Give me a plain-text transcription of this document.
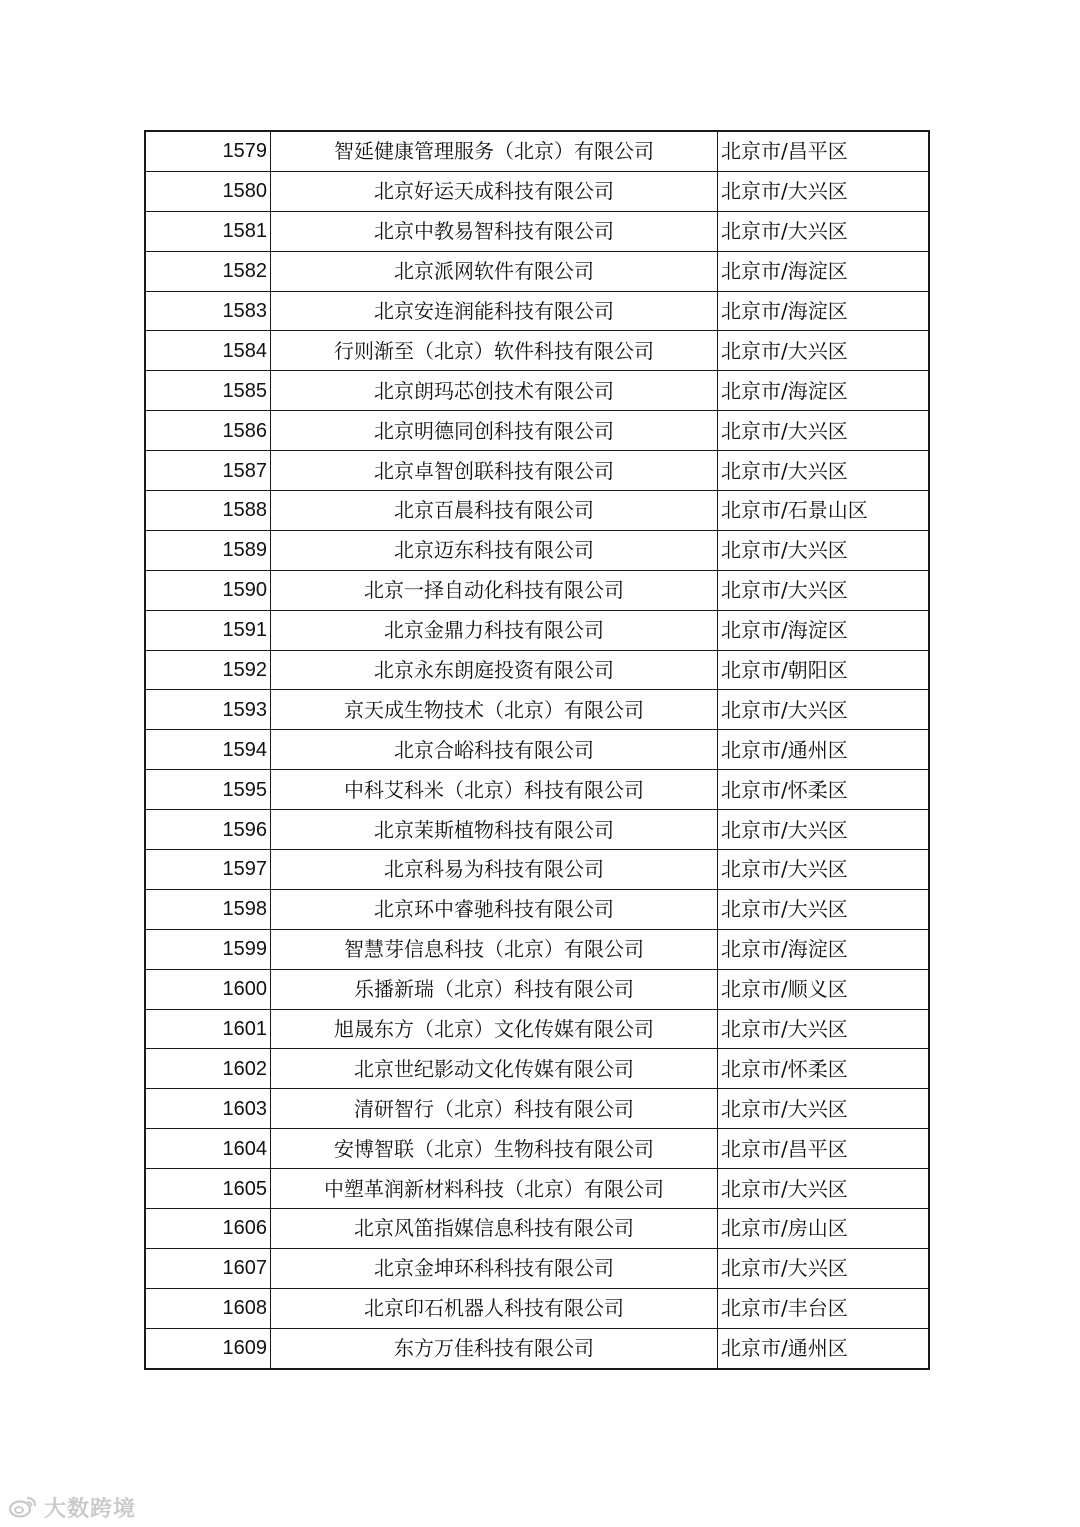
1579	智延健康管理服务（北京）有限公司	北京市/昌平区
1580	北京好运天成科技有限公司	北京市/大兴区
1581	北京中教易智科技有限公司	北京市/大兴区
1582	北京派网软件有限公司	北京市/海淀区
1583	北京安连润能科技有限公司	北京市/海淀区
1584	行则渐至（北京）软件科技有限公司	北京市/大兴区
1585	北京朗玛芯创技术有限公司	北京市/海淀区
1586	北京明德同创科技有限公司	北京市/大兴区
1587	北京卓智创联科技有限公司	北京市/大兴区
1588	北京百晨科技有限公司	北京市/石景山区
1589	北京迈东科技有限公司	北京市/大兴区
1590	北京一择自动化科技有限公司	北京市/大兴区
1591	北京金鼎力科技有限公司	北京市/海淀区
1592	北京永东朗庭投资有限公司	北京市/朝阳区
1593	京天成生物技术（北京）有限公司	北京市/大兴区
1594	北京合峪科技有限公司	北京市/通州区
1595	中科艾科米（北京）科技有限公司	北京市/怀柔区
1596	北京茉斯植物科技有限公司	北京市/大兴区
1597	北京科易为科技有限公司	北京市/大兴区
1598	北京环中睿驰科技有限公司	北京市/大兴区
1599	智慧芽信息科技（北京）有限公司	北京市/海淀区
1600	乐播新瑞（北京）科技有限公司	北京市/顺义区
1601	旭晟东方（北京）文化传媒有限公司	北京市/大兴区
1602	北京世纪影动文化传媒有限公司	北京市/怀柔区
1603	清研智行（北京）科技有限公司	北京市/大兴区
1604	安博智联（北京）生物科技有限公司	北京市/昌平区
1605	中塑革润新材料科技（北京）有限公司	北京市/大兴区
1606	北京风笛指媒信息科技有限公司	北京市/房山区
1607	北京金坤环科科技有限公司	北京市/大兴区
1608	北京印石机器人科技有限公司	北京市/丰台区
1609	东方万佳科技有限公司	北京市/通州区
大数跨境
